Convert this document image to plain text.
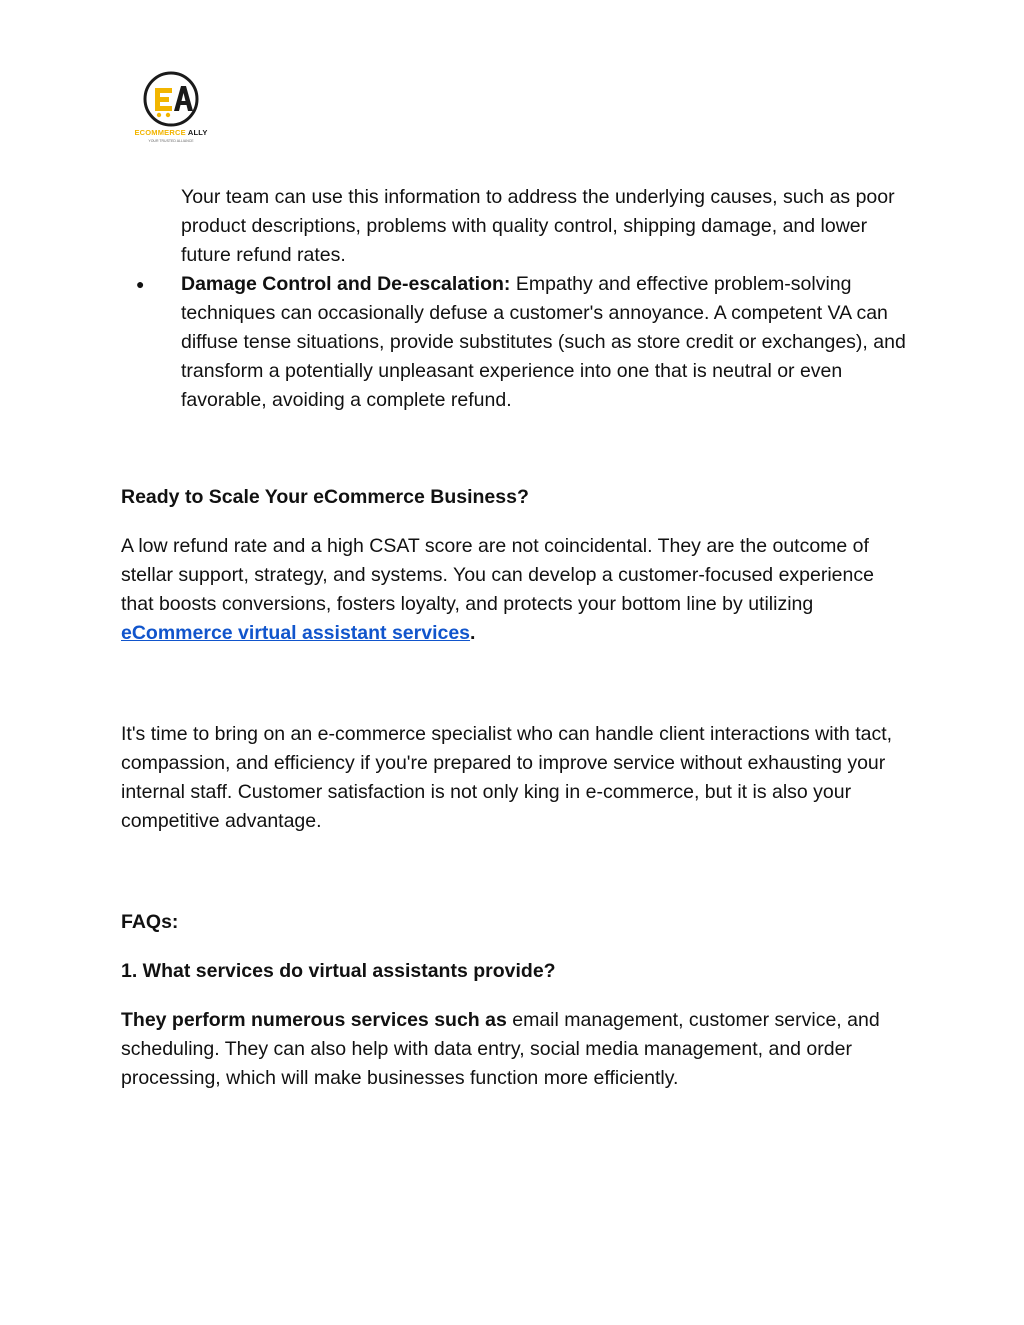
ECOMMERCE ALLY
YOUR TRUSTED ALLIANCE

Your team can use this information to address the underlying causes, such as poor product descriptions, problems with quality control, shipping damage, and lower future refund rates.

● Damage Control and De-escalation: Empathy and effective problem-solving techniques can occasionally defuse a customer's annoyance. A competent VA can diffuse tense situations, provide substitutes (such as store credit or exchanges), and transform a potentially unpleasant experience into one that is neutral or even favorable, avoiding a complete refund.

Ready to Scale Your eCommerce Business?

A low refund rate and a high CSAT score are not coincidental. They are the outcome of stellar support, strategy, and systems. You can develop a customer-focused experience that boosts conversions, fosters loyalty, and protects your bottom line by utilizing eCommerce virtual assistant services.

It's time to bring on an e-commerce specialist who can handle client interactions with tact, compassion, and efficiency if you're prepared to improve service without exhausting your internal staff. Customer satisfaction is not only king in e-commerce, but it is also your competitive advantage.

FAQs:

1. What services do virtual assistants provide?

They perform numerous services such as email management, customer service, and scheduling. They can also help with data entry, social media management, and order processing, which will make businesses function more efficiently.
